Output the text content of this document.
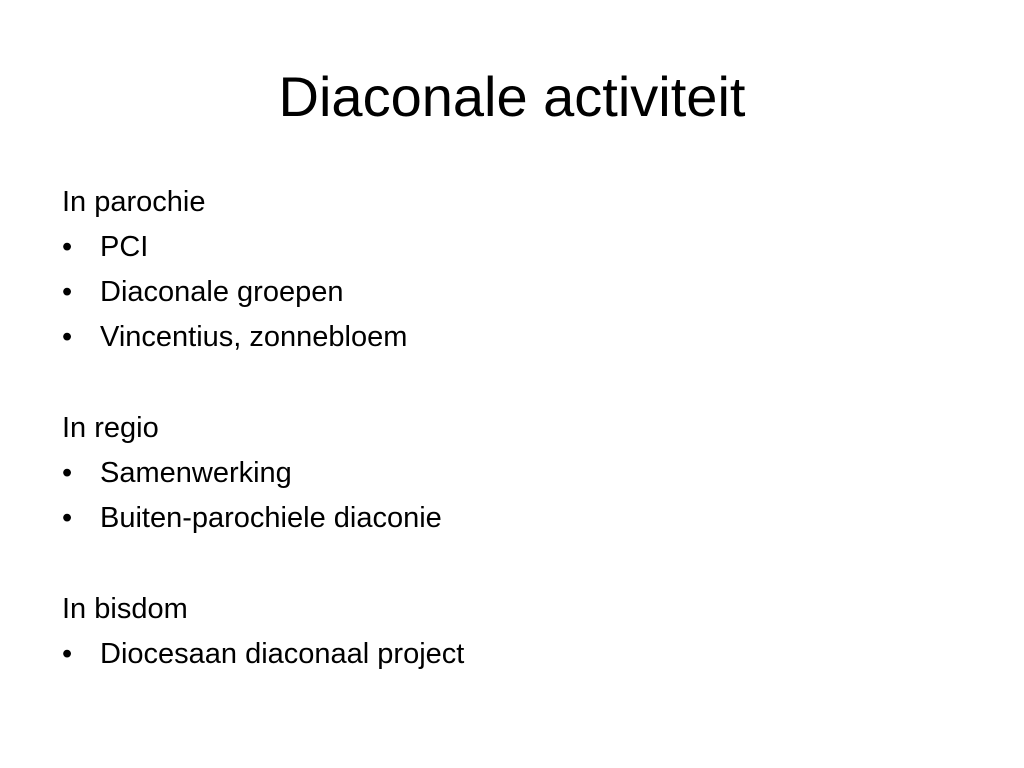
Diaconale activiteit
In parochie
• PCI
• Diaconale groepen
• Vincentius, zonnebloem
In regio
• Samenwerking
• Buiten-parochiele diaconie
In bisdom
• Diocesaan diaconaal project
